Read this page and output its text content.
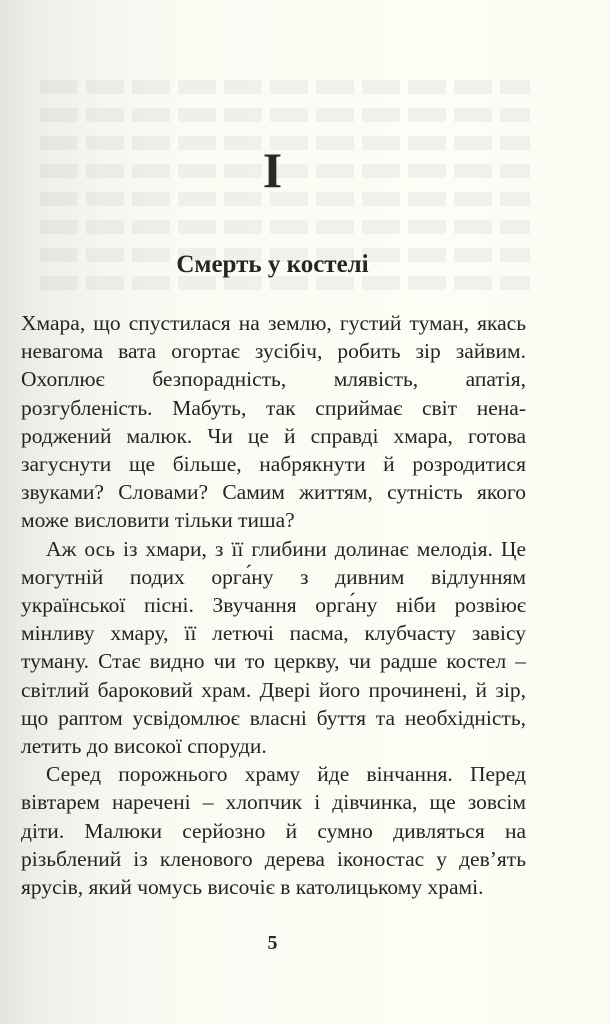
I
Смерть у костелі

Хмара, що спустилася на землю, густий туман, якась невагома вата огортає зусібіч, робить зір зайвим. Охоплює безпорадність, млявість, апатія, розгубленість. Мабуть, так сприймає світ ненароджений малюк. Чи це й справді хмара, готова загуснути ще більше, набрякнути й розродитися звуками? Словами? Самим життям, сутність якого може висловити тільки тиша?

Аж ось із хмари, з її глибини долинає мелодія. Це могутній подих орга́ну з дивним відлунням української пісні. Звучання орга́ну ніби розвіює мінливу хмару, її летючі пасма, клубчасту завісу туману. Стає видно чи то церкву, чи радше костел – світлий бароковий храм. Двері його прочинені, й зір, що раптом усвідомлює власні буття та необхідність, летить до високої споруди.

Серед порожнього храму йде вінчання. Перед вівтарем наречені – хлопчик і дівчинка, ще зовсім діти. Малюки серйозно й сумно дивляться на різьблений із кленового дерева іконостас у дев’ять ярусів, який чомусь височіє в католицькому храмі.

5
